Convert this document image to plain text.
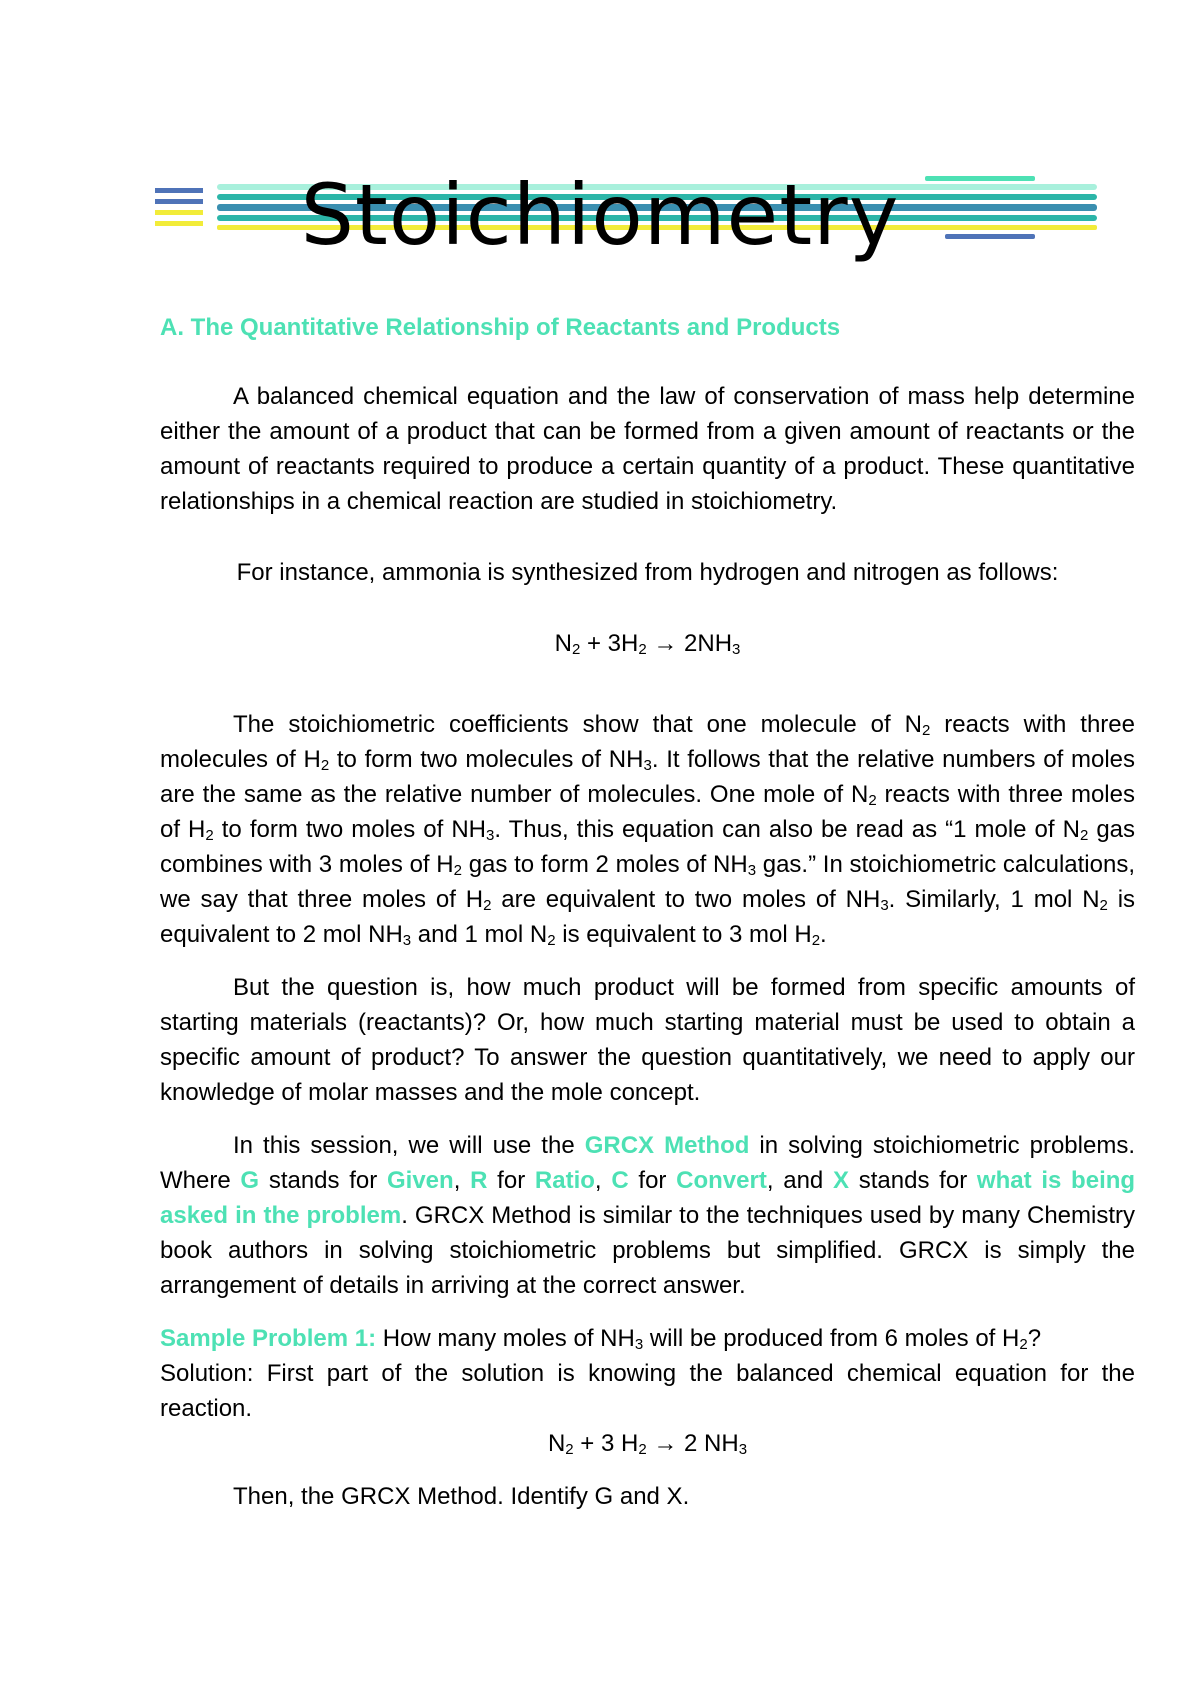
Stoichiometry
A. The Quantitative Relationship of Reactants and Products

A balanced chemical equation and the law of conservation of mass help determine either the amount of a product that can be formed from a given amount of reactants or the amount of reactants required to produce a certain quantity of a product. These quantitative relationships in a chemical reaction are studied in stoichiometry.

For instance, ammonia is synthesized from hydrogen and nitrogen as follows:

$N_2 + 3H_2 \to 2NH_3$

The stoichiometric coefficients show that one molecule of $N_2$ reacts with three molecules of $H_2$ to form two molecules of $NH_3$. It follows that the relative numbers of moles are the same as the relative number of molecules. One mole of $N_2$ reacts with three moles of $H_2$ to form two moles of $NH_3$. Thus, this equation can also be read as “1 mole of $N_2$ gas combines with 3 moles of $H_2$ gas to form 2 moles of $NH_3$ gas.” In stoichiometric calculations, we say that three moles of $H_2$ are equivalent to two moles of $NH_3$. Similarly, 1 mol $N_2$ is equivalent to 2 mol $NH_3$ and 1 mol $N_2$ is equivalent to 3 mol $H_2$.

But the question is, how much product will be formed from specific amounts of starting materials (reactants)? Or, how much starting material must be used to obtain a specific amount of product? To answer the question quantitatively, we need to apply our knowledge of molar masses and the mole concept.

In this session, we will use the GRCX Method in solving stoichiometric problems. Where G stands for Given, R for Ratio, C for Convert, and X stands for what is being asked in the problem. GRCX Method is similar to the techniques used by many Chemistry book authors in solving stoichiometric problems but simplified. GRCX is simply the arrangement of details in arriving at the correct answer.

Sample Problem 1: How many moles of $NH_3$ will be produced from 6 moles of $H_2$?

Solution: First part of the solution is knowing the balanced chemical equation for the reaction.

$N_2 + 3$ $H_2 \to 2$ $NH_3$

Then, the GRCX Method. Identify G and X.
